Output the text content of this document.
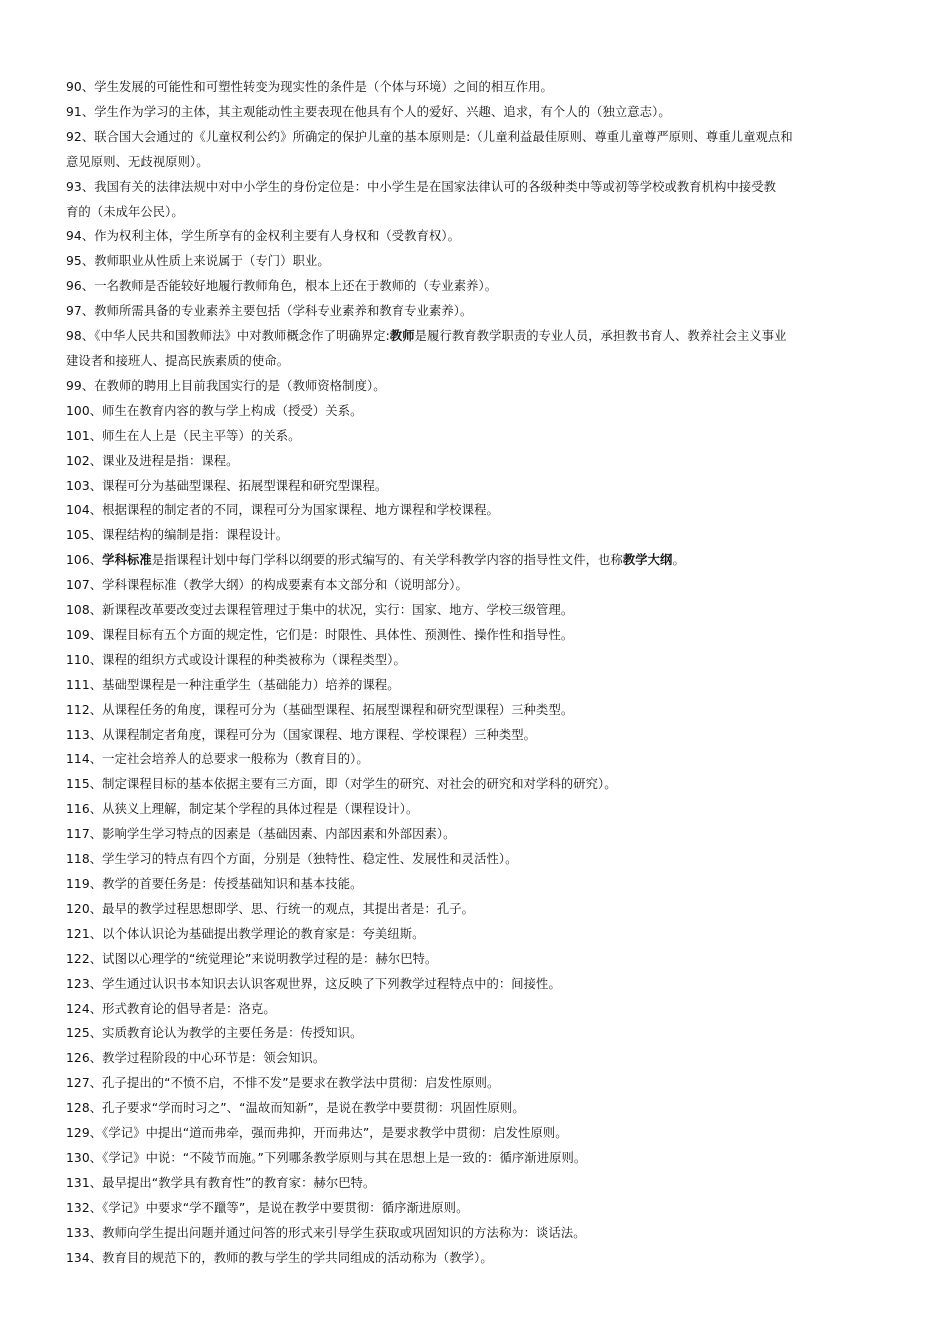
90、学生发展的可能性和可塑性转变为现实性的条件是（个体与环境）之间的相互作用。
91、学生作为学习的主体，其主观能动性主要表现在他具有个人的爱好、兴趣、追求，有个人的（独立意志）。
92、联合国大会通过的《儿童权利公约》所确定的保护儿童的基本原则是:（儿童利益最佳原则、尊重儿童尊严原则、尊重儿童观点和
意见原则、无歧视原则）。
93、我国有关的法律法规中对中小学生的身份定位是：中小学生是在国家法律认可的各级种类中等或初等学校或教育机构中接受教
育的（未成年公民）。
94、作为权利主体，学生所享有的金权利主要有人身权和（受教育权）。
95、教师职业从性质上来说属于（专门）职业。
96、一名教师是否能较好地履行教师角色，根本上还在于教师的（专业素养）。
97、教师所需具备的专业素养主要包括（学科专业素养和教育专业素养）。
98、《中华人民共和国教师法》中对教师概念作了明确界定:教师是履行教育教学职责的专业人员，承担教书育人、教养社会主义事业
建设者和接班人、提高民族素质的使命。
99、在教师的聘用上目前我国实行的是（教师资格制度）。
100、师生在教育内容的教与学上构成（授受）关系。
101、师生在人上是（民主平等）的关系。
102、课业及进程是指：课程。
103、课程可分为基础型课程、拓展型课程和研究型课程。
104、根据课程的制定者的不同，课程可分为国家课程、地方课程和学校课程。
105、课程结构的编制是指：课程设计。
106、学科标准是指课程计划中每门学科以纲要的形式编写的、有关学科教学内容的指导性文件，也称教学大纲。
107、学科课程标准（教学大纲）的构成要素有本文部分和（说明部分）。
108、新课程改革要改变过去课程管理过于集中的状况，实行：国家、地方、学校三级管理。
109、课程目标有五个方面的规定性，它们是：时限性、具体性、预测性、操作性和指导性。
110、课程的组织方式或设计课程的种类被称为（课程类型）。
111、基础型课程是一种注重学生（基础能力）培养的课程。
112、从课程任务的角度，课程可分为（基础型课程、拓展型课程和研究型课程）三种类型。
113、从课程制定者角度，课程可分为（国家课程、地方课程、学校课程）三种类型。
114、一定社会培养人的总要求一般称为（教育目的）。
115、制定课程目标的基本依据主要有三方面，即（对学生的研究、对社会的研究和对学科的研究）。
116、从狭义上理解，制定某个学程的具体过程是（课程设计）。
117、影响学生学习特点的因素是（基础因素、内部因素和外部因素）。
118、学生学习的特点有四个方面，分别是（独特性、稳定性、发展性和灵活性）。
119、教学的首要任务是：传授基础知识和基本技能。
120、最早的教学过程思想即学、思、行统一的观点，其提出者是：孔子。
121、以个体认识论为基础提出教学理论的教育家是：夸美纽斯。
122、试图以心理学的“统觉理论”来说明教学过程的是：赫尔巴特。
123、学生通过认识书本知识去认识客观世界，这反映了下列教学过程特点中的：间接性。
124、形式教育论的倡导者是：洛克。
125、实质教育论认为教学的主要任务是：传授知识。
126、教学过程阶段的中心环节是：领会知识。
127、孔子提出的“不愤不启，不悱不发”是要求在教学法中贯彻：启发性原则。
128、孔子要求“学而时习之”、“温故而知新”，是说在教学中要贯彻：巩固性原则。
129、《学记》中提出“道而弗牵，强而弗抑，开而弗达”，是要求教学中贯彻：启发性原则。
130、《学记》中说：“不陵节而施。”下列哪条教学原则与其在思想上是一致的：循序渐进原则。
131、最早提出“教学具有教育性”的教育家：赫尔巴特。
132、《学记》中要求“学不躐等”，是说在教学中要贯彻：循序渐进原则。
133、教师向学生提出问题并通过问答的形式来引导学生获取或巩固知识的方法称为：谈话法。
134、教育目的规范下的，教师的教与学生的学共同组成的活动称为（教学）。
